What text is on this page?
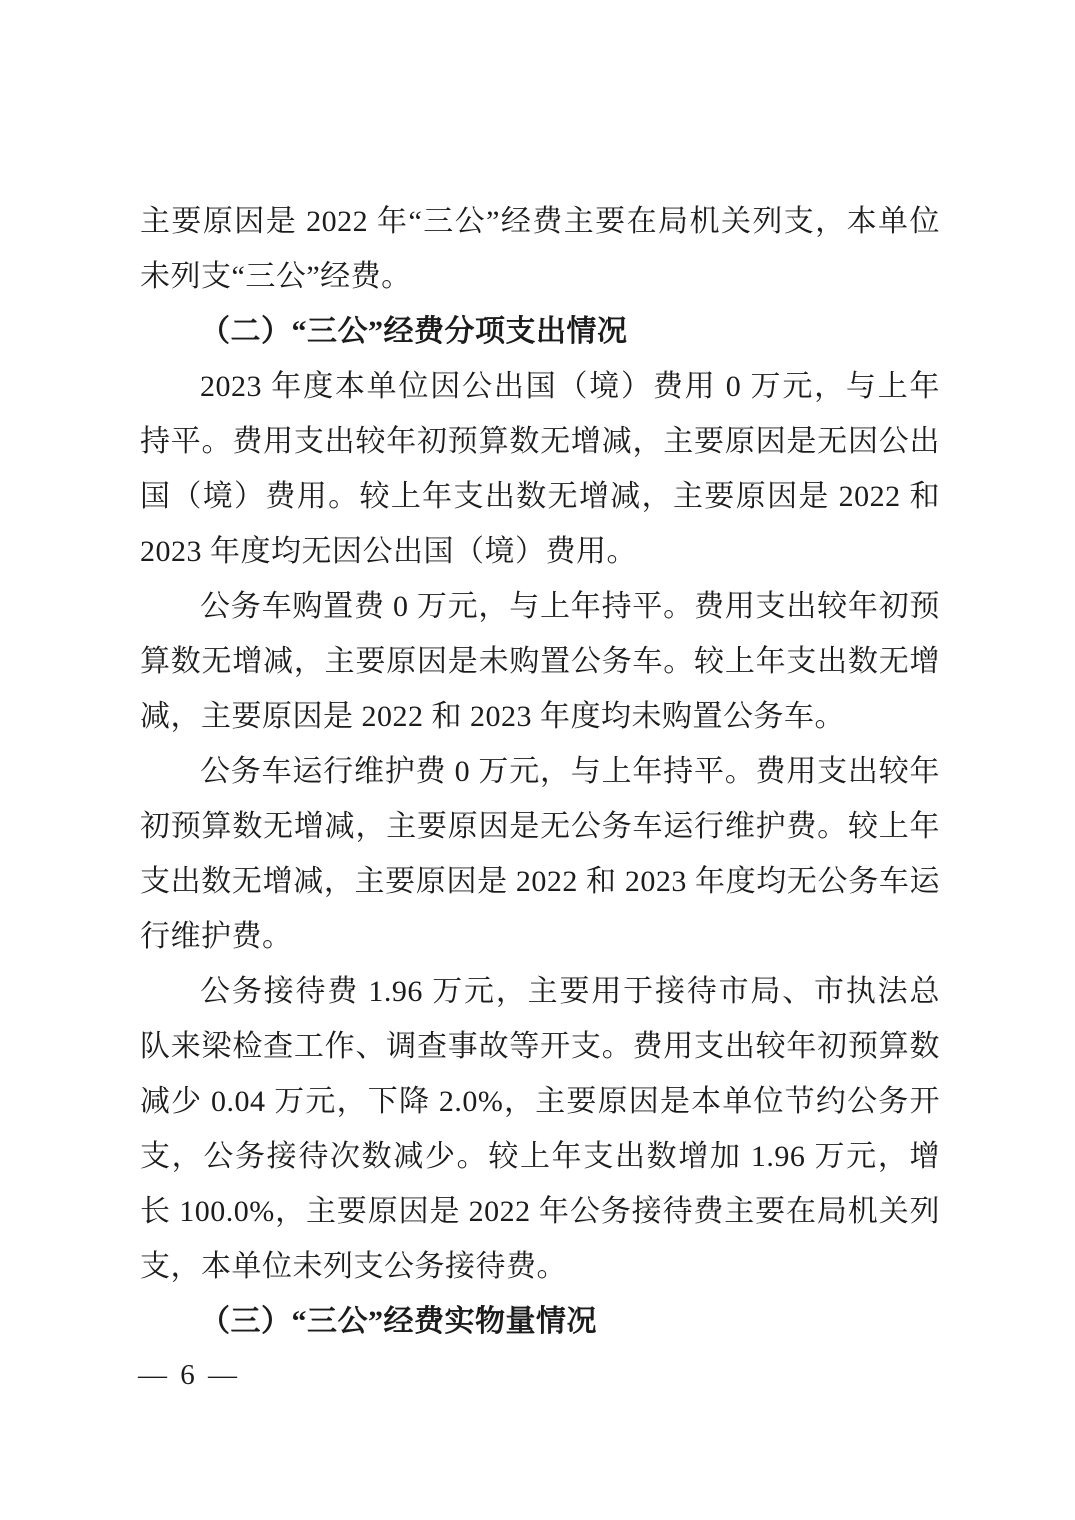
主要原因是 2022 年“三公”经费主要在局机关列支，本单位未列支“三公”经费。

（二）“三公”经费分项支出情况

2023 年度本单位因公出国（境）费用 0 万元，与上年持平。费用支出较年初预算数无增减，主要原因是无因公出国（境）费用。较上年支出数无增减，主要原因是 2022 和 2023 年度均无因公出国（境）费用。

公务车购置费 0 万元，与上年持平。费用支出较年初预算数无增减，主要原因是未购置公务车。较上年支出数无增减，主要原因是 2022 和 2023 年度均未购置公务车。

公务车运行维护费 0 万元，与上年持平。费用支出较年初预算数无增减，主要原因是无公务车运行维护费。较上年支出数无增减，主要原因是 2022 和 2023 年度均无公务车运行维护费。

公务接待费 1.96 万元，主要用于接待市局、市执法总队来梁检查工作、调查事故等开支。费用支出较年初预算数减少 0.04 万元，下降 2.0%，主要原因是本单位节约公务开支，公务接待次数减少。较上年支出数增加 1.96 万元，增长 100.0%，主要原因是 2022 年公务接待费主要在局机关列支，本单位未列支公务接待费。

（三）“三公”经费实物量情况

— 6 —
